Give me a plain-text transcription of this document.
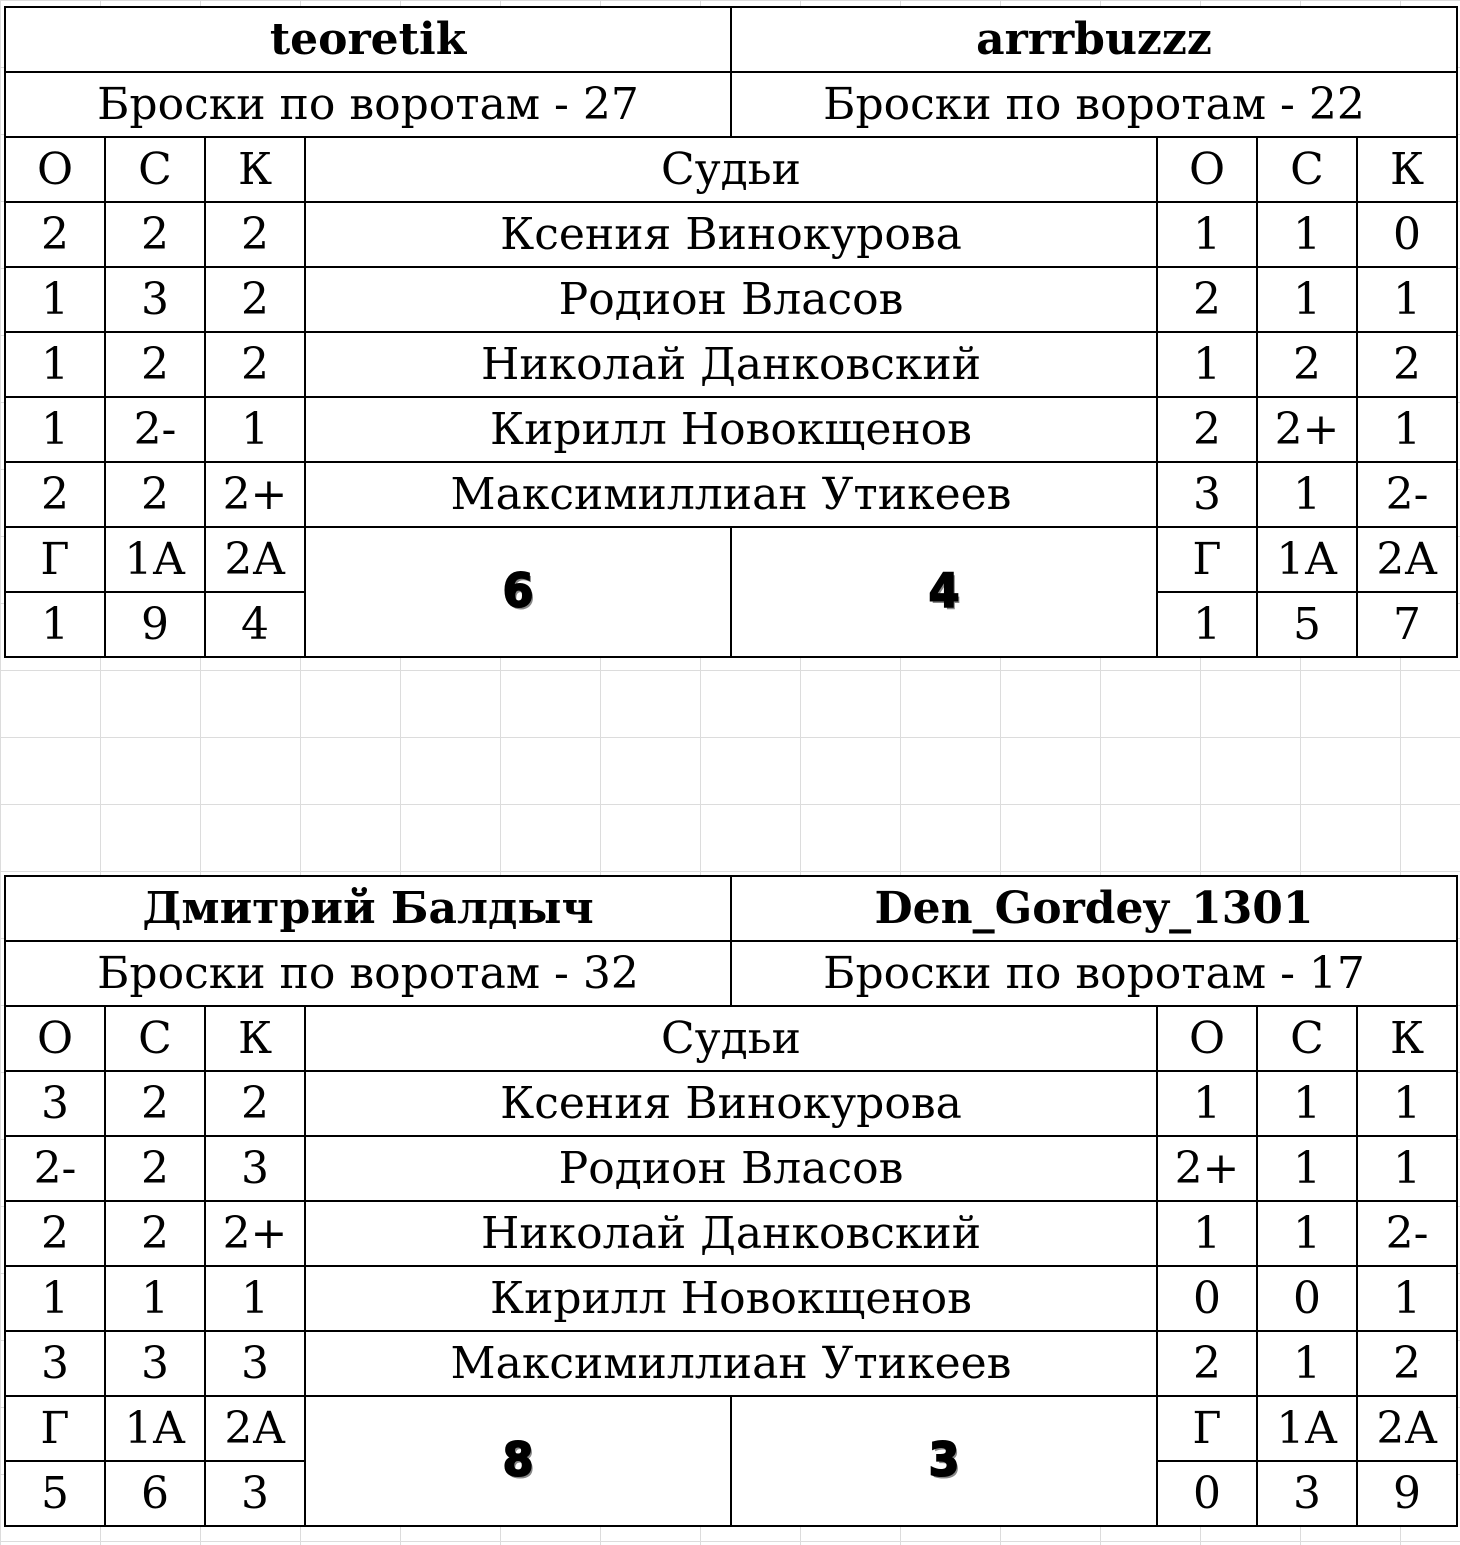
teoretik				arrrbuzzz			
Броски по воротам - 27				Броски по воротам - 22			
О	С	К	Судьи		О	С	К
2	2	2	Ксения Винокурова		1	1	0
1	3	2	Родион Власов		2	1	1
1	2	2	Николай Данковский		1	2	2
1	2-	1	Кирилл Новокщенов		2	2+	1
2	2	2+	Максимиллиан Утикеев		3	1	2-
Г	1А	2А	6	4	Г	1А	2А
1	9	4			1	5	7
Дмитрий Балдыч				Den_Gordey_1301			
Броски по воротам - 32				Броски по воротам - 17			
О	С	К	Судьи		О	С	К
3	2	2	Ксения Винокурова		1	1	1
2-	2	3	Родион Власов		2+	1	1
2	2	2+	Николай Данковский		1	1	2-
1	1	1	Кирилл Новокщенов		0	0	1
3	3	3	Максимиллиан Утикеев		2	1	2
Г	1А	2А	8	3	Г	1А	2А
5	6	3			0	3	9
